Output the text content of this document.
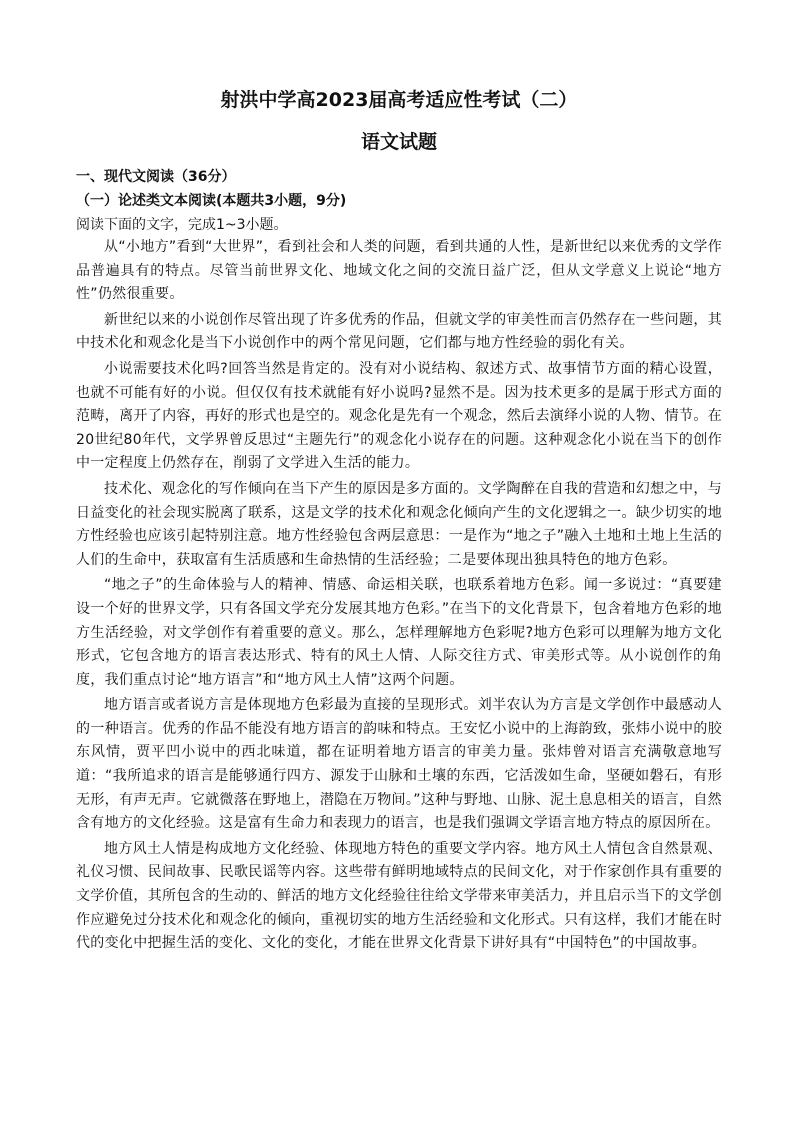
射洪中学高2023届高考适应性考试（二）
语文试题
一、现代文阅读（36分）
（一）论述类文本阅读(本题共3小题，9分)
阅读下面的文字，完成1~3小题。

从“小地方”看到“大世界”，看到社会和人类的问题，看到共通的人性，是新世纪以来优秀的文学作品普遍具有的特点。尽管当前世界文化、地域文化之间的交流日益广泛，但从文学意义上说论“地方性”仍然很重要。

新世纪以来的小说创作尽管出现了许多优秀的作品，但就文学的审美性而言仍然存在一些问题，其中技术化和观念化是当下小说创作中的两个常见问题，它们都与地方性经验的弱化有关。

小说需要技术化吗?回答当然是肯定的。没有对小说结构、叙述方式、故事情节方面的精心设置，也就不可能有好的小说。但仅仅有技术就能有好小说吗?显然不是。因为技术更多的是属于形式方面的范畴，离开了内容，再好的形式也是空的。观念化是先有一个观念，然后去演绎小说的人物、情节。在20世纪80年代，文学界曾反思过“主题先行”的观念化小说存在的问题。这种观念化小说在当下的创作中一定程度上仍然存在，削弱了文学进入生活的能力。

技术化、观念化的写作倾向在当下产生的原因是多方面的。文学陶醉在自我的营造和幻想之中，与日益变化的社会现实脱离了联系，这是文学的技术化和观念化倾向产生的文化逻辑之一。缺少切实的地方性经验也应该引起特别注意。地方性经验包含两层意思：一是作为“地之子”融入土地和土地上生活的人们的生命中，获取富有生活质感和生命热情的生活经验；二是要体现出独具特色的地方色彩。

“地之子”的生命体验与人的精神、情感、命运相关联，也联系着地方色彩。闻一多说过：“真要建设一个好的世界文学，只有各国文学充分发展其地方色彩。”在当下的文化背景下，包含着地方色彩的地方生活经验，对文学创作有着重要的意义。那么，怎样理解地方色彩呢?地方色彩可以理解为地方文化形式，它包含地方的语言表达形式、特有的风土人情、人际交往方式、审美形式等。从小说创作的角度，我们重点讨论“地方语言”和“地方风土人情”这两个问题。

地方语言或者说方言是体现地方色彩最为直接的呈现形式。刘半农认为方言是文学创作中最感动人的一种语言。优秀的作品不能没有地方语言的韵味和特点。王安忆小说中的上海韵致，张炜小说中的胶东风情，贾平凹小说中的西北味道，都在证明着地方语言的审美力量。张炜曾对语言充满敬意地写道：“我所追求的语言是能够通行四方、源发于山脉和土壤的东西，它活泼如生命，坚硬如磐石，有形无形，有声无声。它就微落在野地上，潜隐在万物间。”这种与野地、山脉、泥土息息相关的语言，自然含有地方的文化经验。这是富有生命力和表现力的语言，也是我们强调文学语言地方特点的原因所在。

地方风土人情是构成地方文化经验、体现地方特色的重要文学内容。地方风土人情包含自然景观、礼仪习惯、民间故事、民歌民谣等内容。这些带有鲜明地域特点的民间文化，对于作家创作具有重要的文学价值，其所包含的生动的、鲜活的地方文化经验往往给文学带来审美活力，并且启示当下的文学创作应避免过分技术化和观念化的倾向，重视切实的地方生活经验和文化形式。只有这样，我们才能在时代的变化中把握生活的变化、文化的变化，才能在世界文化背景下讲好具有“中国特色”的中国故事。
